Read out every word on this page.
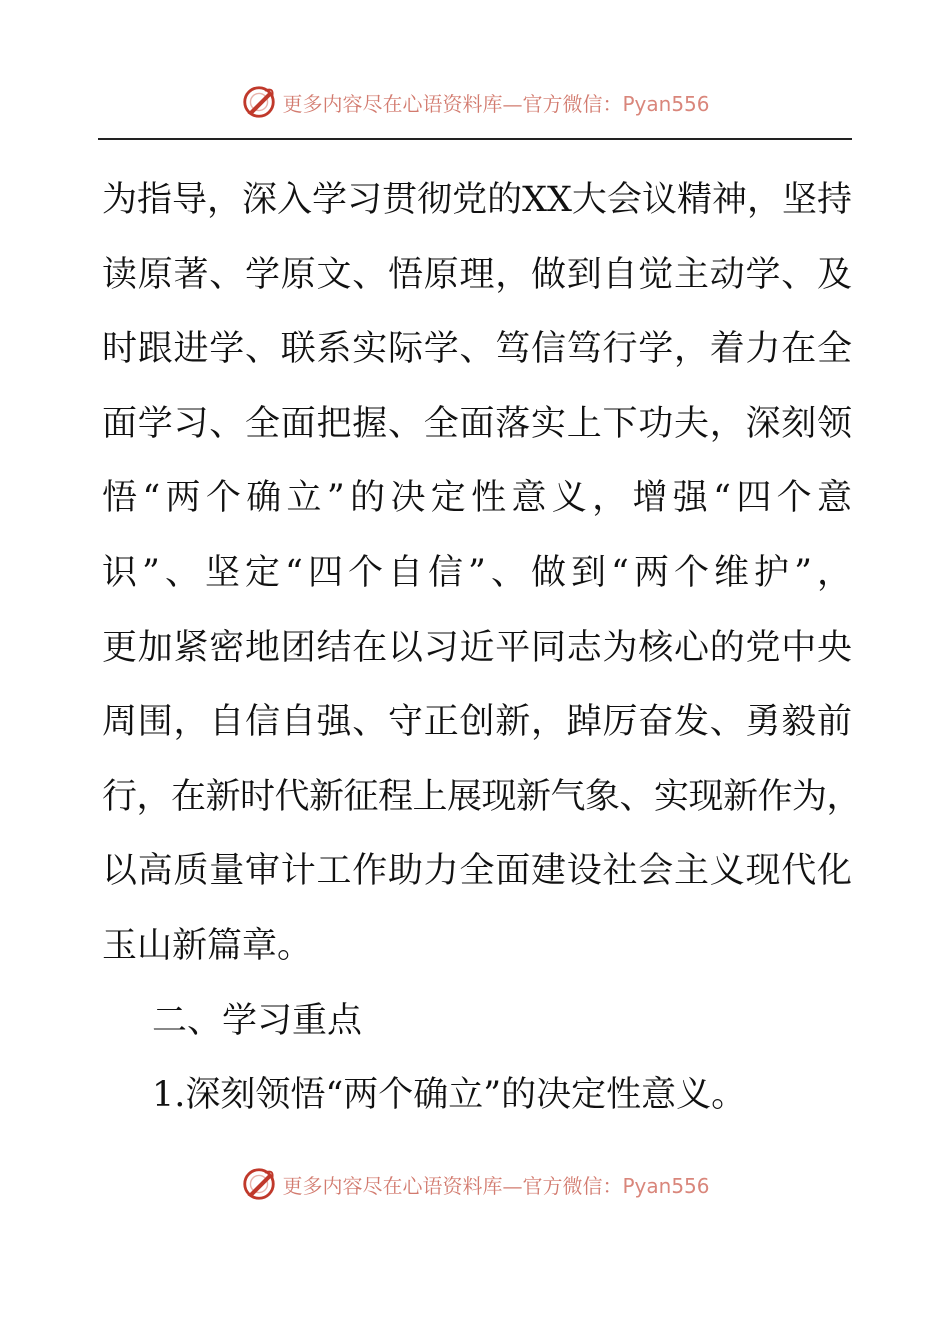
更多内容尽在心语资料库—官方微信：Pyan556
为指导，深入学习贯彻党的XX大会议精神，坚持
读原著、学原文、悟原理，做到自觉主动学、及
时跟进学、联系实际学、笃信笃行学，着力在全
面学习、全面把握、全面落实上下功夫，深刻领
悟“两个确立”的决定性意义，增强“四个意
识”、坚定“四个自信”、做到“两个维护”，
更加紧密地团结在以习近平同志为核心的党中央
周围，自信自强、守正创新，踔厉奋发、勇毅前
行，在新时代新征程上展现新气象、实现新作为，
以高质量审计工作助力全面建设社会主义现代化
玉山新篇章。
二、学习重点
1.深刻领悟“两个确立”的决定性意义。
更多内容尽在心语资料库—官方微信：Pyan556
